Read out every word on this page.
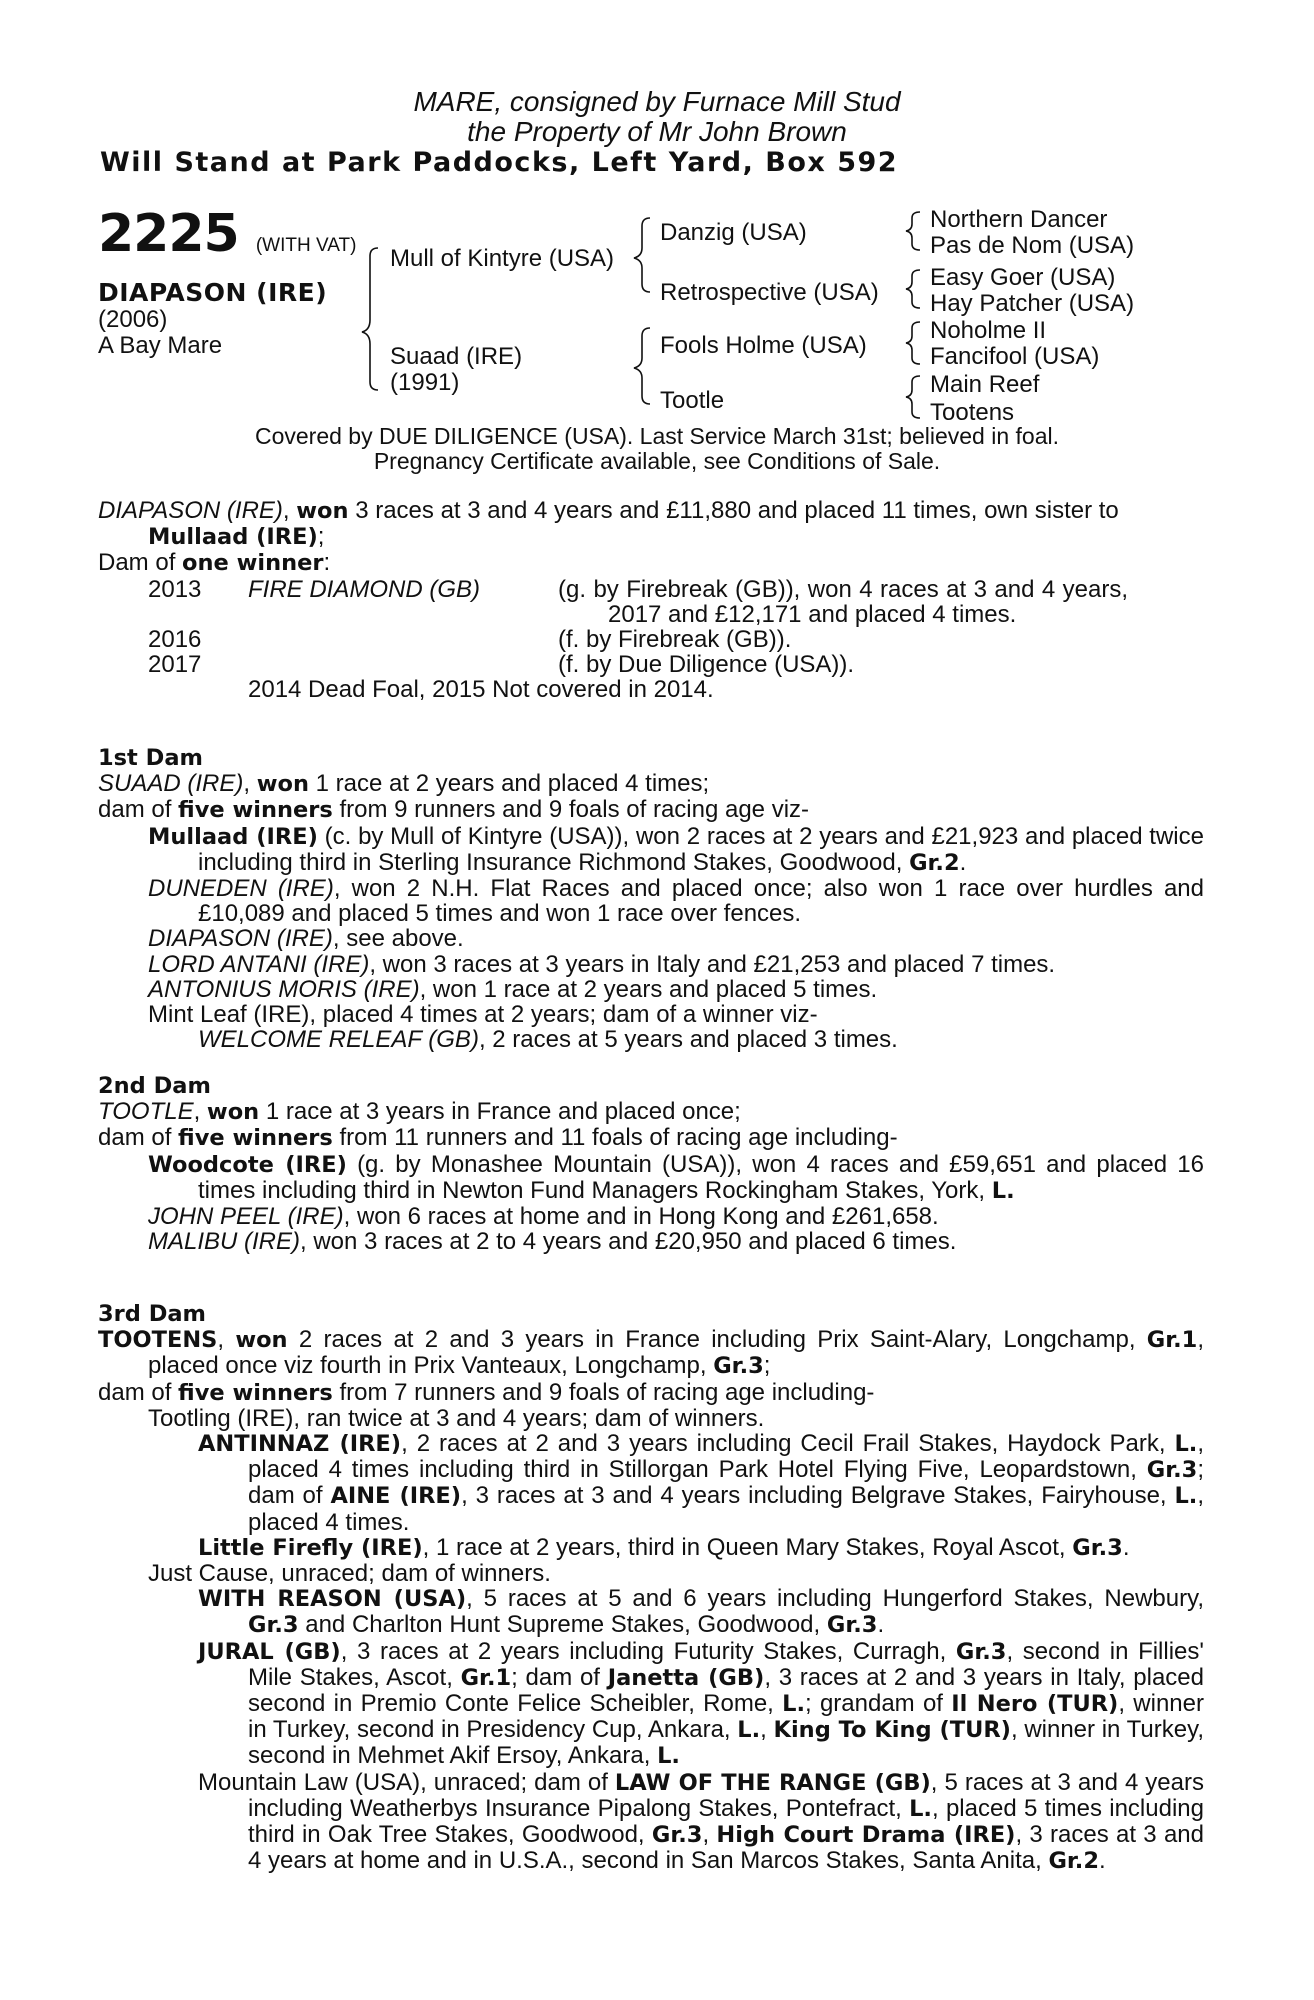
MARE, consigned by Furnace Mill Stud
the Property of Mr John Brown
Will Stand at Park Paddocks, Left Yard, Box 592
2225 (WITH VAT)
DIAPASON (IRE)
(2006)
A Bay Mare
Mull of Kintyre (USA)
Suaad (IRE)
(1991)
Danzig (USA)
Retrospective (USA)
Fools Holme (USA)
Tootle
Northern Dancer
Pas de Nom (USA)
Easy Goer (USA)
Hay Patcher (USA)
Noholme II
Fancifool (USA)
Main Reef
Tootens
Covered by DUE DILIGENCE (USA). Last Service March 31st; believed in foal.
Pregnancy Certificate available, see Conditions of Sale.

DIAPASON (IRE), won 3 races at 3 and 4 years and £11,880 and placed 11 times, own sister to Mullaad (IRE);

Dam of one winner:

2013	FIRE DIAMOND (GB)	(g. by Firebreak (GB)), won 4 races at 3 and 4 years, 2017 and £12,171 and placed 4 times.
2016	(f. by Firebreak (GB)).
2017	(f. by Due Diligence (USA)).

2014 Dead Foal, 2015 Not covered in 2014.

1st Dam

SUAAD (IRE), won 1 race at 2 years and placed 4 times;

dam of five winners from 9 runners and 9 foals of racing age viz-

Mullaad (IRE) (c. by Mull of Kintyre (USA)), won 2 races at 2 years and £21,923 and placed twice including third in Sterling Insurance Richmond Stakes, Goodwood, Gr.2.

DUNEDEN (IRE), won 2 N.H. Flat Races and placed once; also won 1 race over hurdles and £10,089 and placed 5 times and won 1 race over fences.

DIAPASON (IRE), see above.

LORD ANTANI (IRE), won 3 races at 3 years in Italy and £21,253 and placed 7 times.

ANTONIUS MORIS (IRE), won 1 race at 2 years and placed 5 times.

Mint Leaf (IRE), placed 4 times at 2 years; dam of a winner viz-

WELCOME RELEAF (GB), 2 races at 5 years and placed 3 times.

2nd Dam

TOOTLE, won 1 race at 3 years in France and placed once;

dam of five winners from 11 runners and 11 foals of racing age including-

Woodcote (IRE) (g. by Monashee Mountain (USA)), won 4 races and £59,651 and placed 16 times including third in Newton Fund Managers Rockingham Stakes, York, L.

JOHN PEEL (IRE), won 6 races at home and in Hong Kong and £261,658.

MALIBU (IRE), won 3 races at 2 to 4 years and £20,950 and placed 6 times.

3rd Dam

TOOTENS, won 2 races at 2 and 3 years in France including Prix Saint-Alary, Longchamp, Gr.1, placed once viz fourth in Prix Vanteaux, Longchamp, Gr.3;

dam of five winners from 7 runners and 9 foals of racing age including-

Tootling (IRE), ran twice at 3 and 4 years; dam of winners.

ANTINNAZ (IRE), 2 races at 2 and 3 years including Cecil Frail Stakes, Haydock Park, L., placed 4 times including third in Stillorgan Park Hotel Flying Five, Leopardstown, Gr.3; dam of AINE (IRE), 3 races at 3 and 4 years including Belgrave Stakes, Fairyhouse, L., placed 4 times.

Little Firefly (IRE), 1 race at 2 years, third in Queen Mary Stakes, Royal Ascot, Gr.3.

Just Cause, unraced; dam of winners.

WITH REASON (USA), 5 races at 5 and 6 years including Hungerford Stakes, Newbury, Gr.3 and Charlton Hunt Supreme Stakes, Goodwood, Gr.3.

JURAL (GB), 3 races at 2 years including Futurity Stakes, Curragh, Gr.3, second in Fillies' Mile Stakes, Ascot, Gr.1; dam of Janetta (GB), 3 races at 2 and 3 years in Italy, placed second in Premio Conte Felice Scheibler, Rome, L.; grandam of Il Nero (TUR), winner in Turkey, second in Presidency Cup, Ankara, L., King To King (TUR), winner in Turkey, second in Mehmet Akif Ersoy, Ankara, L.

Mountain Law (USA), unraced; dam of LAW OF THE RANGE (GB), 5 races at 3 and 4 years including Weatherbys Insurance Pipalong Stakes, Pontefract, L., placed 5 times including third in Oak Tree Stakes, Goodwood, Gr.3, High Court Drama (IRE), 3 races at 3 and 4 years at home and in U.S.A., second in San Marcos Stakes, Santa Anita, Gr.2.
